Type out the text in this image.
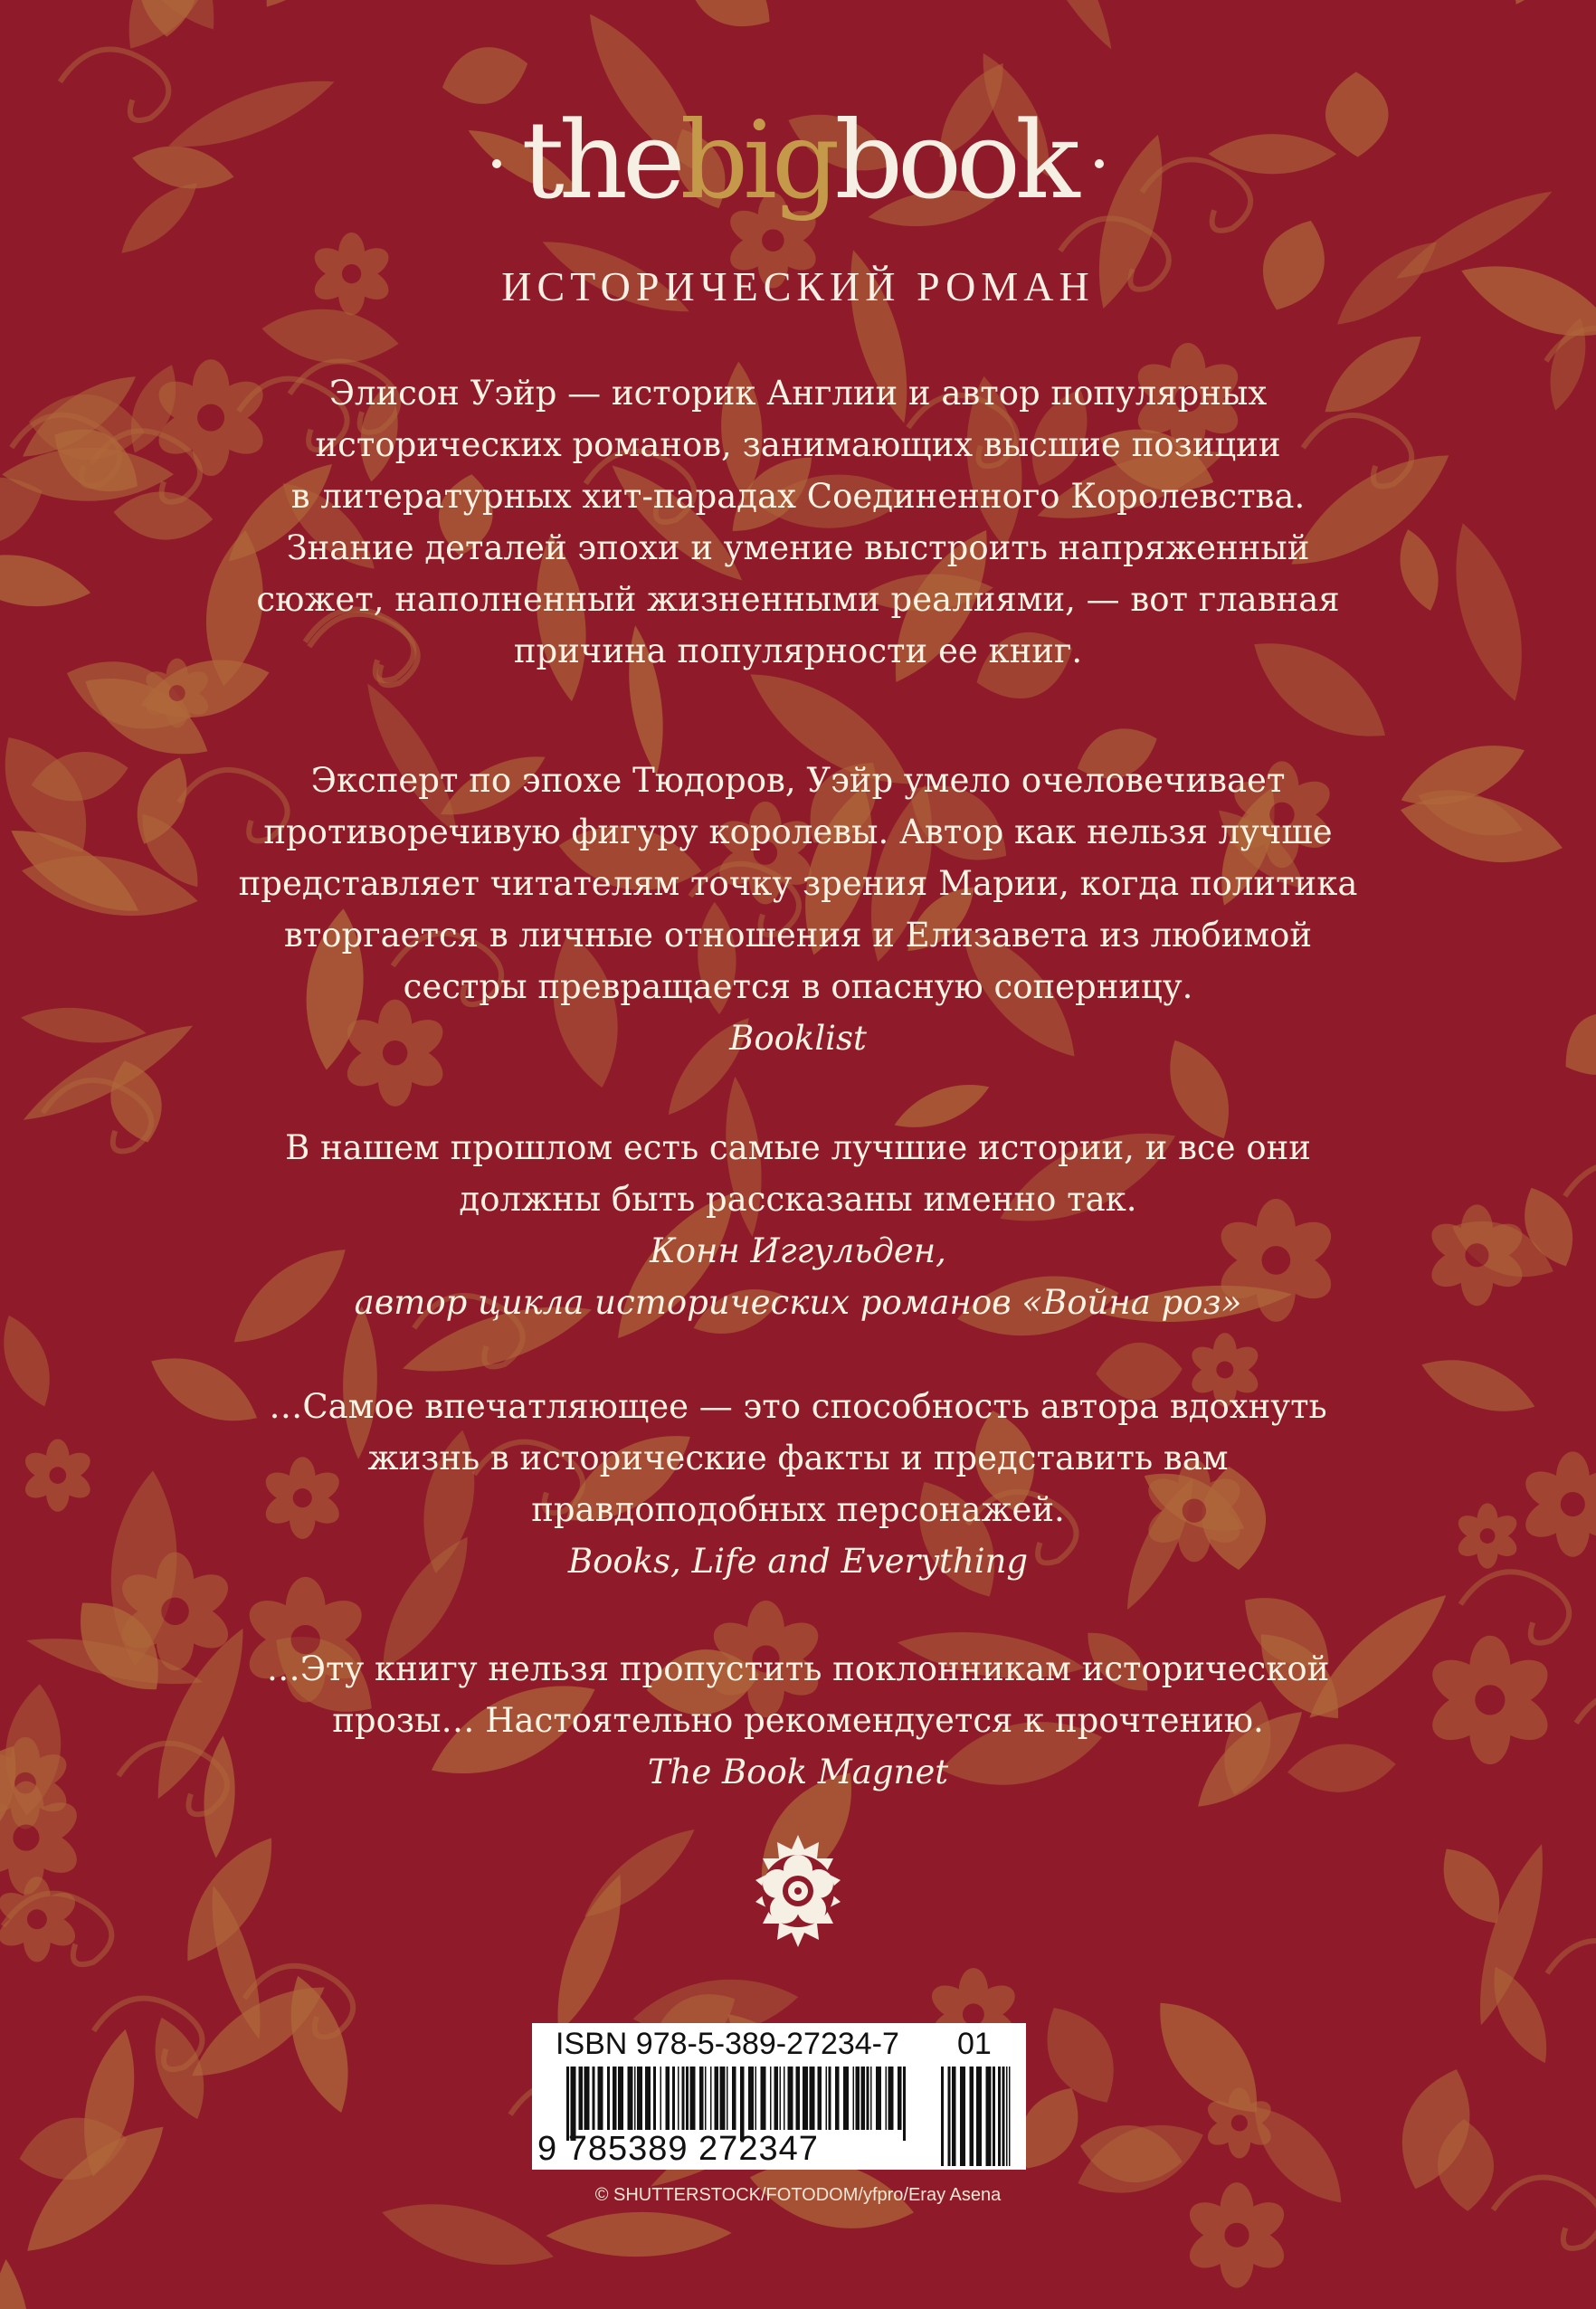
thebigbook
ИСТОРИЧЕСКИЙ РОМАН
Элисон Уэйр — историк Англии и автор популярных
исторических романов, занимающих высшие позиции
в литературных хит-парадах Соединенного Королевства.
Знание деталей эпохи и умение выстроить напряженный
сюжет, наполненный жизненными реалиями, — вот главная
причина популярности ее книг.
Эксперт по эпохе Тюдоров, Уэйр умело очеловечивает
противоречивую фигуру королевы. Автор как нельзя лучше
представляет читателям точку зрения Марии, когда политика
вторгается в личные отношения и Елизавета из любимой
сестры превращается в опасную соперницу.
Booklist
В нашем прошлом есть самые лучшие истории, и все они
должны быть рассказаны именно так.
Конн Иггульден,
автор цикла исторических романов «Война роз»
…Самое впечатляющее — это способность автора вдохнуть
жизнь в исторические факты и представить вам
правдоподобных персонажей.
Books, Life and Everything
…Эту книгу нельзя пропустить поклонникам исторической
прозы… Настоятельно рекомендуется к прочтению.
The Book Magnet
ISBN 978-5-389-27234-7 01
9 785389 272347
© SHUTTERSTOCK/FOTODOM/yfpro/Eray Asena
